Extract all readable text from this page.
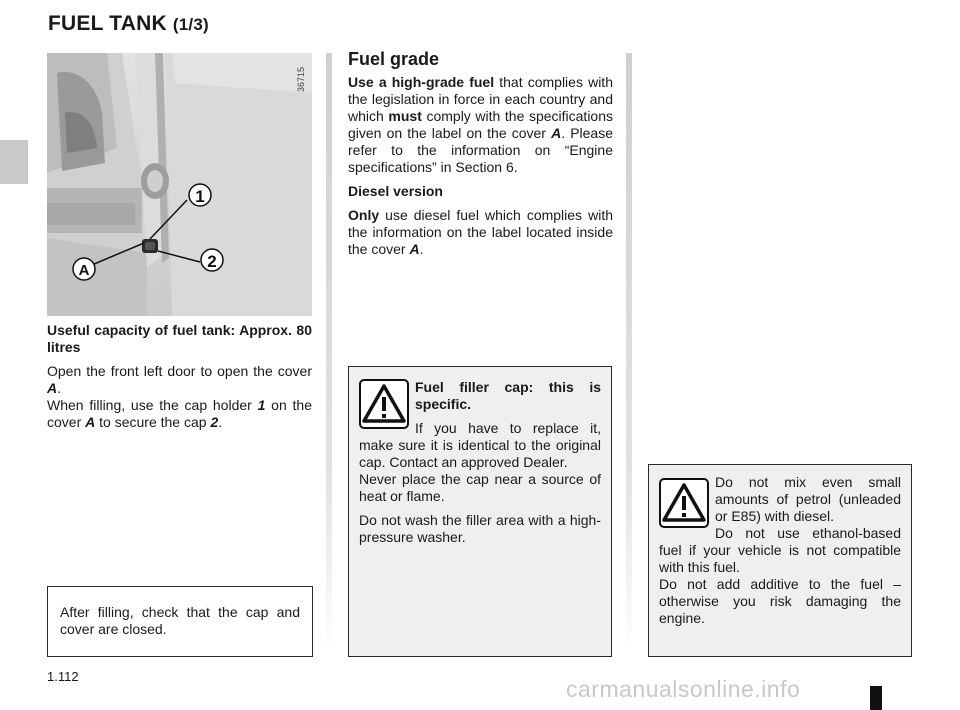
FUEL TANK (1/3)
1
2
A
36715

Useful capacity of fuel tank: Approx. 80 litres

Open the front left door to open the cover A.

When filling, use the cap holder 1 on the cover A to secure the cap 2.

After filling, check that the cap and cover are closed.

Fuel grade

Use a high-grade fuel that complies with the legislation in force in each country and which must comply with the specifications given on the label on the cover A. Please refer to the information on “Engine specifications” in Section 6.

Diesel version

Only use diesel fuel which complies with the information on the label located inside the cover A.

Fuel filler cap: this is specific.

If you have to replace it, make sure it is identical to the original cap. Contact an approved Dealer.

Never place the cap near a source of heat or flame.

Do not wash the filler area with a high-pressure washer.

Do not mix even small amounts of petrol (unleaded or E85) with diesel.

Do not use ethanol-based fuel if your vehicle is not compatible with this fuel.

Do not add additive to the fuel – otherwise you risk damaging the engine.

1.112	carmanualsonline.info
